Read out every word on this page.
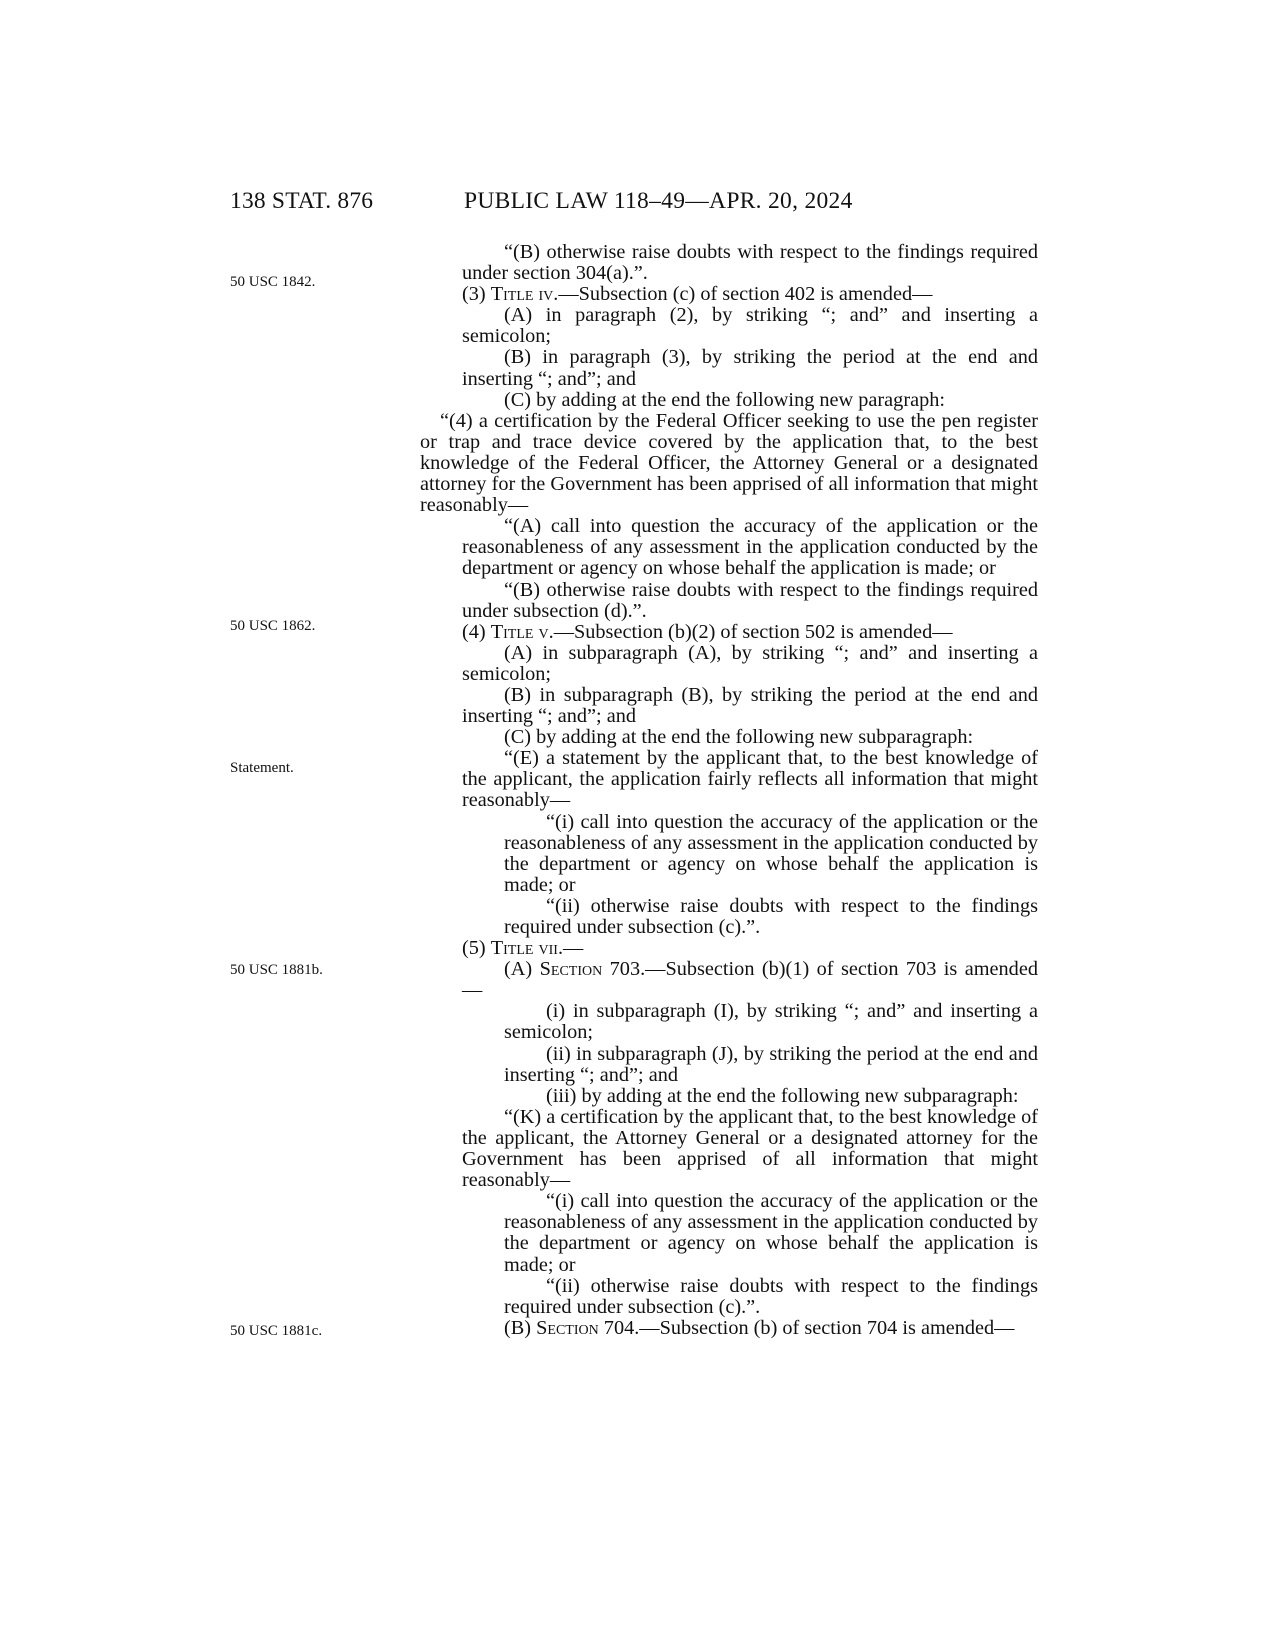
138 STAT. 876	PUBLIC LAW 118–49—APR. 20, 2024
50 USC 1842.
50 USC 1862.
Statement.
50 USC 1881b.
50 USC 1881c.

“(B) otherwise raise doubts with respect to the findings required under section 304(a).”.

(3) Title iv.—Subsection (c) of section 402 is amended—

(A) in paragraph (2), by striking “; and” and inserting a semicolon;

(B) in paragraph (3), by striking the period at the end and inserting “; and”; and

(C) by adding at the end the following new paragraph:

“(4) a certification by the Federal Officer seeking to use the pen register or trap and trace device covered by the application that, to the best knowledge of the Federal Officer, the Attorney General or a designated attorney for the Government has been apprised of all information that might reasonably—

“(A) call into question the accuracy of the application or the reasonableness of any assessment in the application conducted by the department or agency on whose behalf the application is made; or

“(B) otherwise raise doubts with respect to the findings required under subsection (d).”.

(4) Title v.—Subsection (b)(2) of section 502 is amended—

(A) in subparagraph (A), by striking “; and” and inserting a semicolon;

(B) in subparagraph (B), by striking the period at the end and inserting “; and”; and

(C) by adding at the end the following new subparagraph:

“(E) a statement by the applicant that, to the best knowledge of the applicant, the application fairly reflects all information that might reasonably—

“(i) call into question the accuracy of the application or the reasonableness of any assessment in the application conducted by the department or agency on whose behalf the application is made; or

“(ii) otherwise raise doubts with respect to the findings required under subsection (c).”.

(5) Title vii.—

(A) Section 703.—Subsection (b)(1) of section 703 is amended—

(i) in subparagraph (I), by striking “; and” and inserting a semicolon;

(ii) in subparagraph (J), by striking the period at the end and inserting “; and”; and

(iii) by adding at the end the following new subparagraph:

“(K) a certification by the applicant that, to the best knowledge of the applicant, the Attorney General or a designated attorney for the Government has been apprised of all information that might reasonably—

“(i) call into question the accuracy of the application or the reasonableness of any assessment in the application conducted by the department or agency on whose behalf the application is made; or

“(ii) otherwise raise doubts with respect to the findings required under subsection (c).”.

(B) Section 704.—Subsection (b) of section 704 is amended—
